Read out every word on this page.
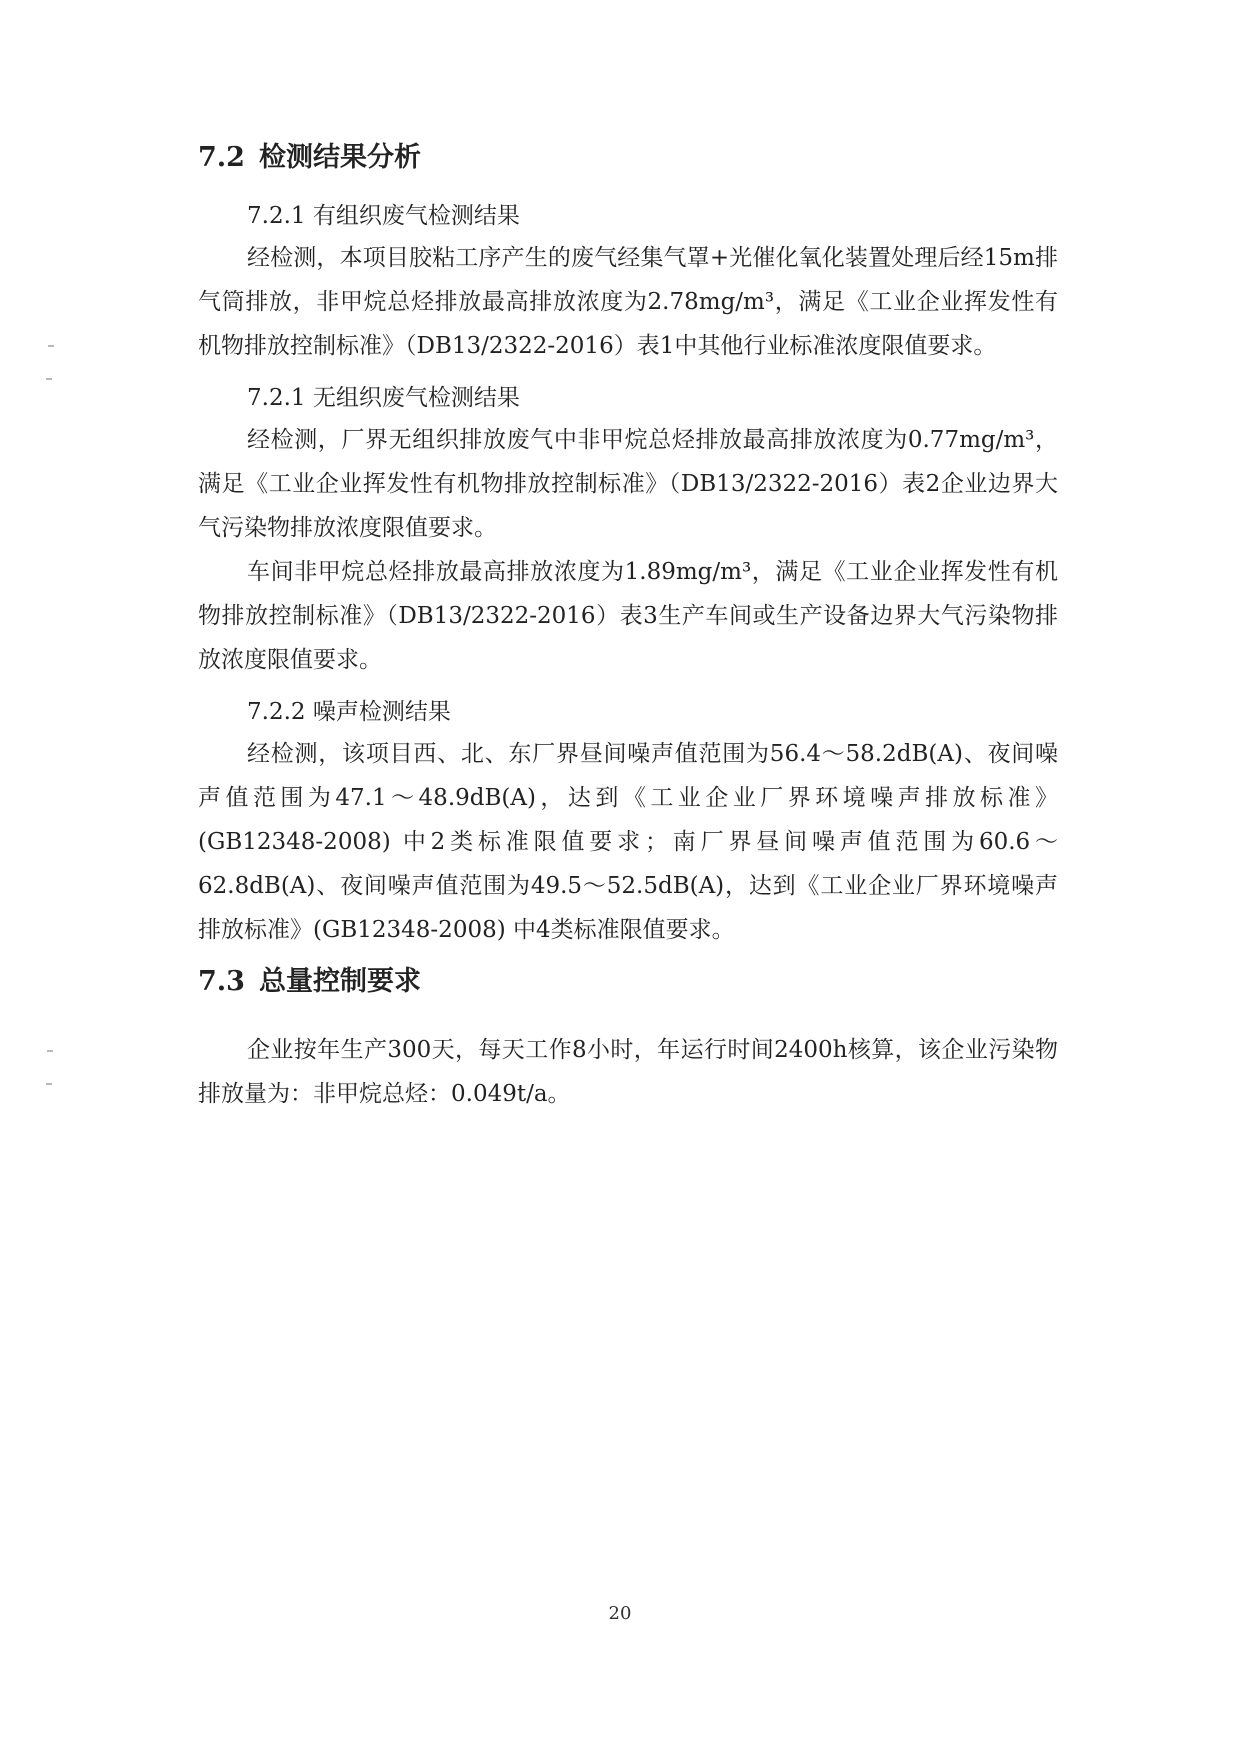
7.2 检测结果分析

7.2.1 有组织废气检测结果

经检测，本项目胶粘工序产生的废气经集气罩+光催化氧化装置处理后经15m排气筒排放，非甲烷总烃排放最高排放浓度为2.78mg/m³，满足《工业企业挥发性有机物排放控制标准》（DB13/2322-2016）表1中其他行业标准浓度限值要求。

7.2.1 无组织废气检测结果

经检测，厂界无组织排放废气中非甲烷总烃排放最高排放浓度为0.77mg/m³，满足《工业企业挥发性有机物排放控制标准》（DB13/2322-2016）表2企业边界大气污染物排放浓度限值要求。

车间非甲烷总烃排放最高排放浓度为1.89mg/m³，满足《工业企业挥发性有机物排放控制标准》（DB13/2322-2016）表3生产车间或生产设备边界大气污染物排放浓度限值要求。

7.2.2 噪声检测结果

经检测，该项目西、北、东厂界昼间噪声值范围为56.4～58.2dB(A)、夜间噪声值范围为47.1～48.9dB(A)，达到《工业企业厂界环境噪声排放标准》(GB12348-2008) 中2类标准限值要求；南厂界昼间噪声值范围为60.6～62.8dB(A)、夜间噪声值范围为49.5～52.5dB(A)，达到《工业企业厂界环境噪声排放标准》(GB12348-2008) 中4类标准限值要求。

7.3 总量控制要求

企业按年生产300天，每天工作8小时，年运行时间2400h核算，该企业污染物排放量为：非甲烷总烃：0.049t/a。

20
